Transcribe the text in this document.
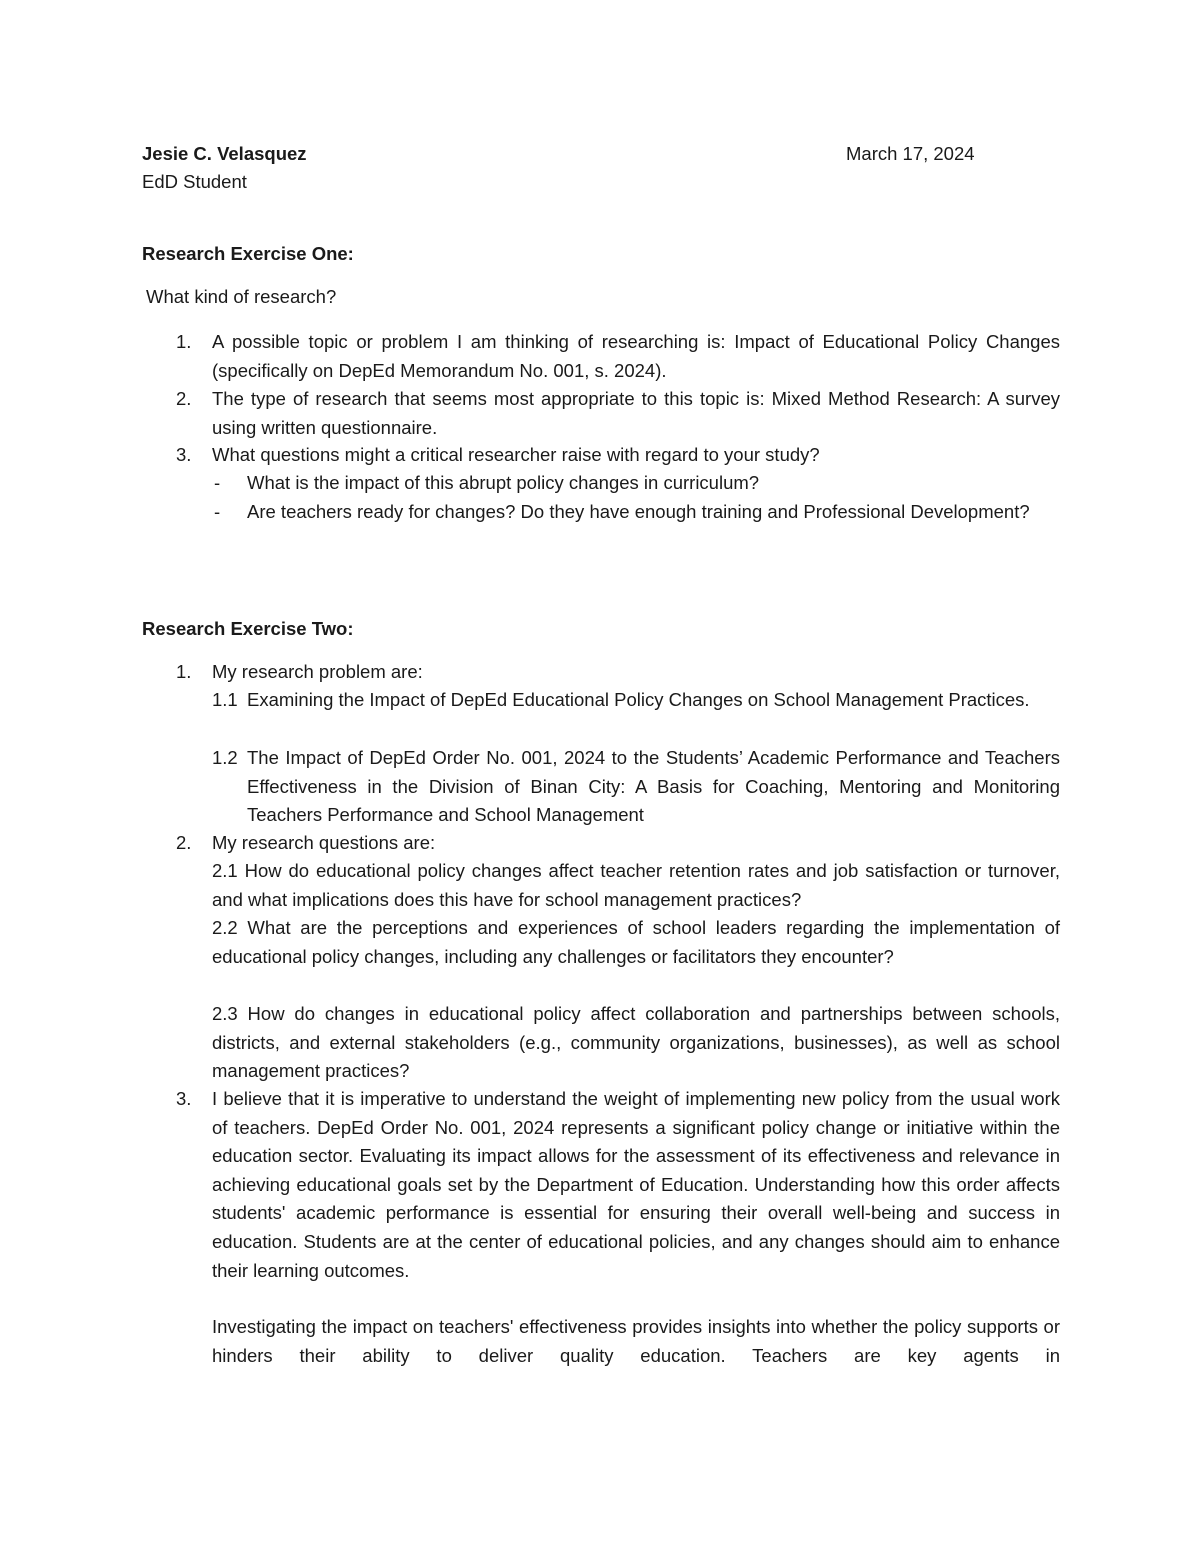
Jesie C. Velasquez	March 17, 2024

EdD Student

Research Exercise One:

What kind of research?

1. A possible topic or problem I am thinking of researching is: Impact of Educational Policy Changes (specifically on DepEd Memorandum No. 001, s. 2024).

2. The type of research that seems most appropriate to this topic is: Mixed Method Research: A survey using written questionnaire.

3. What questions might a critical researcher raise with regard to your study?

- What is the impact of this abrupt policy changes in curriculum?

- Are teachers ready for changes? Do they have enough training and Professional Development?

Research Exercise Two:

1. My research problem are:

1.1 Examining the Impact of DepEd Educational Policy Changes on School Management Practices.

1.2 The Impact of DepEd Order No. 001, 2024 to the Students’ Academic Performance and Teachers Effectiveness in the Division of Binan City: A Basis for Coaching, Mentoring and Monitoring Teachers Performance and School Management

2. My research questions are:

2.1 How do educational policy changes affect teacher retention rates and job satisfaction or turnover, and what implications does this have for school management practices?

2.2 What are the perceptions and experiences of school leaders regarding the implementation of educational policy changes, including any challenges or facilitators they encounter?

2.3 How do changes in educational policy affect collaboration and partnerships between schools, districts, and external stakeholders (e.g., community organizations, businesses), as well as school management practices?

3. I believe that it is imperative to understand the weight of implementing new policy from the usual work of teachers. DepEd Order No. 001, 2024 represents a significant policy change or initiative within the education sector. Evaluating its impact allows for the assessment of its effectiveness and relevance in achieving educational goals set by the Department of Education. Understanding how this order affects students' academic performance is essential for ensuring their overall well-being and success in education. Students are at the center of educational policies, and any changes should aim to enhance their learning outcomes.

Investigating the impact on teachers' effectiveness provides insights into whether the policy supports or hinders their ability to deliver quality education. Teachers are key agents in
